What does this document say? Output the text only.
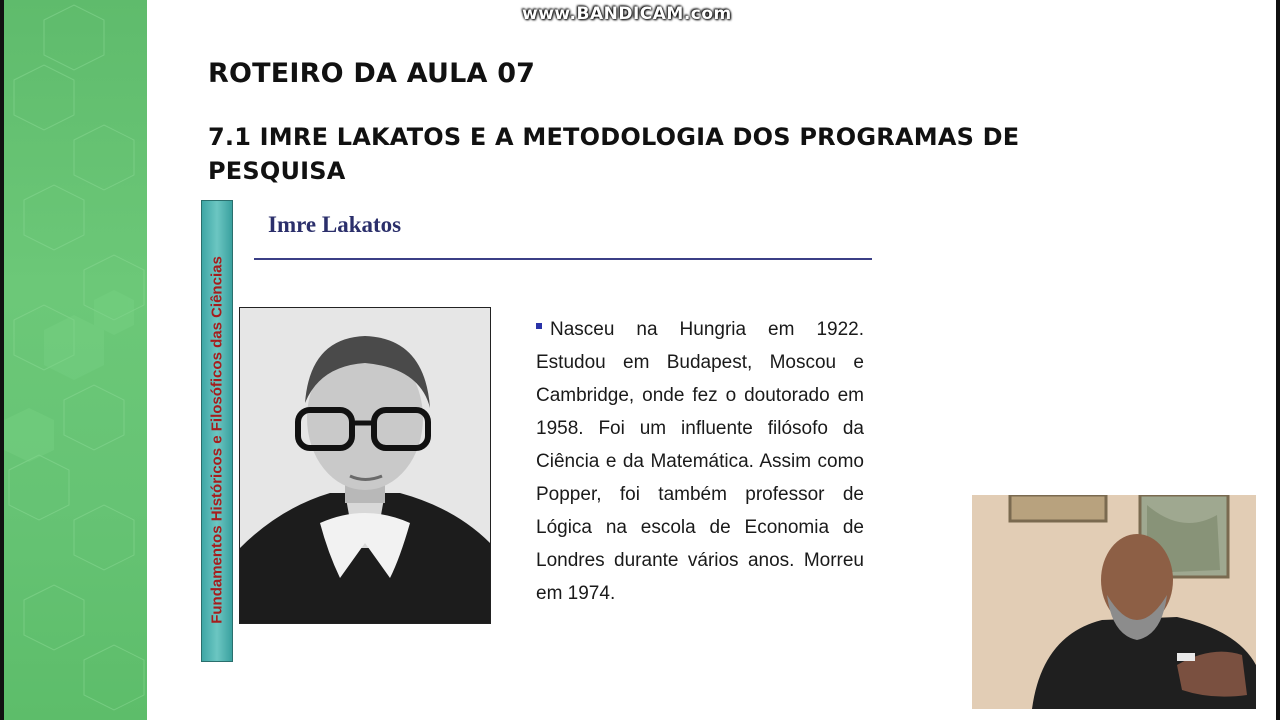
www.BANDICAM.com
ROTEIRO DA AULA 07
7.1 IMRE LAKATOS E A METODOLOGIA DOS PROGRAMAS DE PESQUISA
Fundamentos Históricos e Filosóficos das Ciências
Imre Lakatos

Nasceu na Hungria em 1922. Estudou em Budapest, Moscou e Cambridge, onde fez o doutorado em 1958. Foi um influente filósofo da Ciência e da Matemática. Assim como Popper, foi também professor de Lógica na escola de Economia de Londres durante vários anos. Morreu em 1974.
